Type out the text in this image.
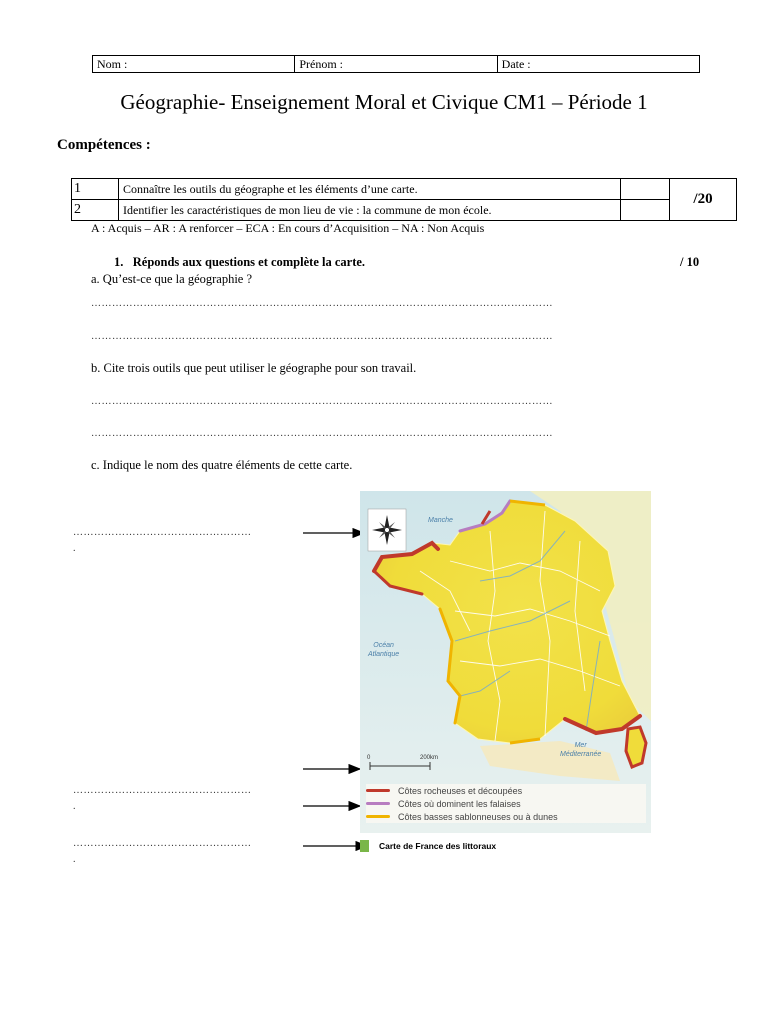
Nom :	Prénom :	Date :
Géographie- Enseignement Moral et Civique CM1 – Période 1
Compétences :
1	Connaître les outils du géographe et les éléments d’une carte.
2	Identifier les caractéristiques de mon lieu de vie : la commune de mon école.
/20
A : Acquis – AR : A renforcer – ECA : En cours d’Acquisition – NA : Non Acquis
1. Réponds aux questions et complète la carte.	/ 10
a. Qu’est-ce que la géographie ?
……………………………………………………………………………………………………………………
……………………………………………………………………………………………………………………
b. Cite trois outils que peut utiliser le géographe pour son travail.
……………………………………………………………………………………………………………………
……………………………………………………………………………………………………………………
c. Indique le nom des quatre éléments de cette carte.
……………………………………………
.
……………………………………………
.
……………………………………………
.
Manche
Océan
Atlantique
Mer
Méditerranée
0	200km
Côtes rocheuses et découpées
Côtes où dominent les falaises
Côtes basses sablonneuses ou à dunes
Carte de France des littoraux
